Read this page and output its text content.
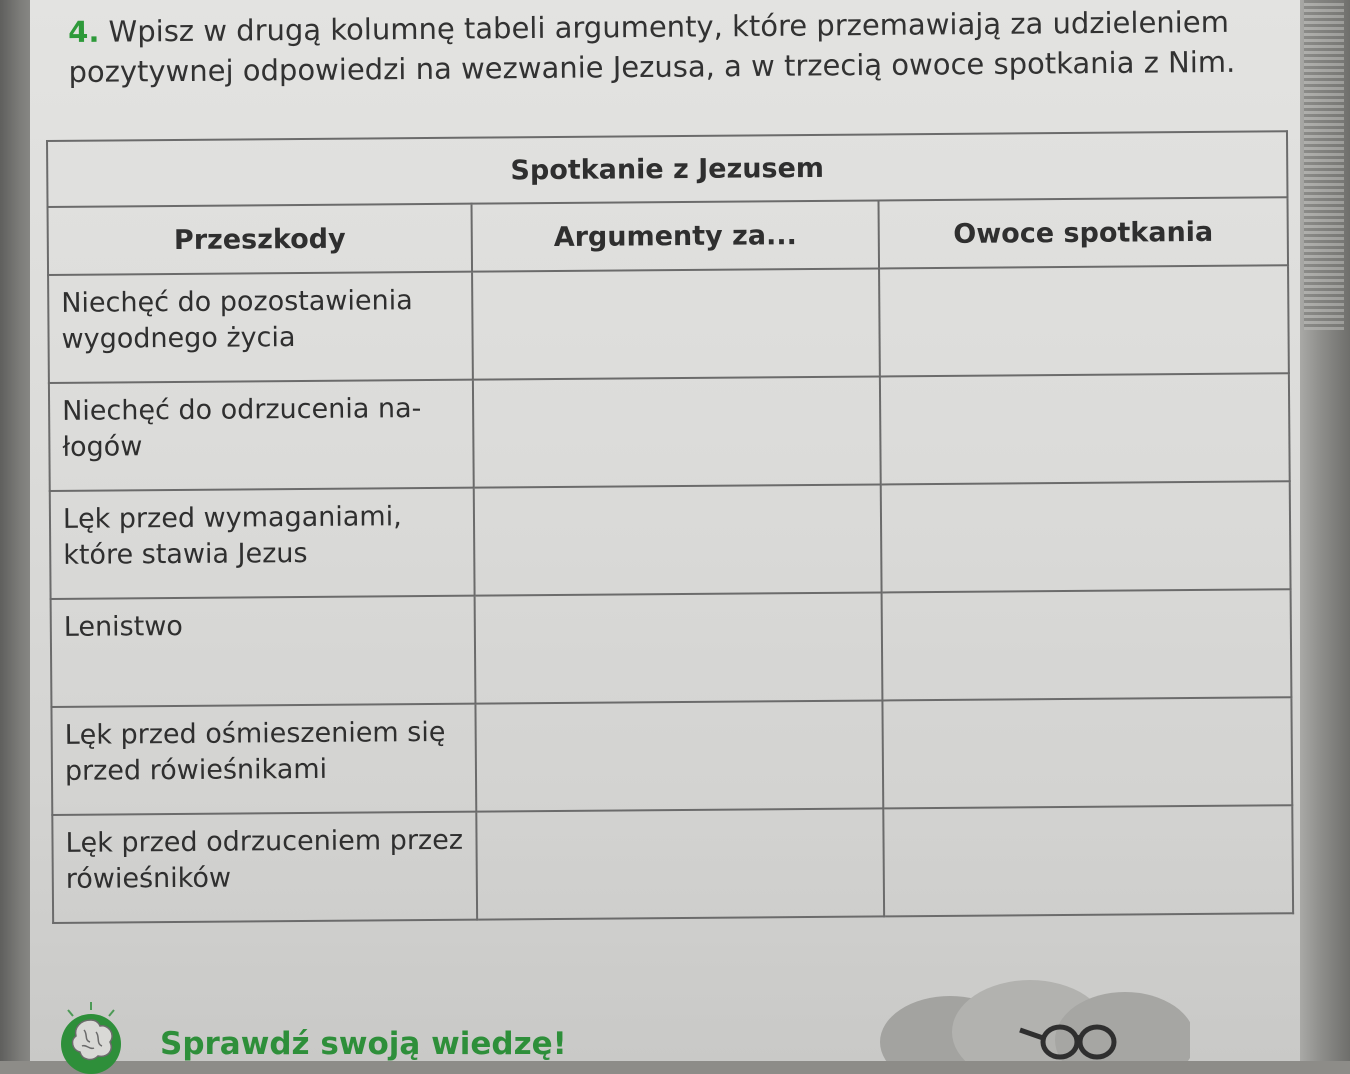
4. Wpisz w drugą kolumnę tabeli argumenty, które przemawiają za udzieleniem pozytywnej odpowiedzi na wezwanie Jezusa, a w trzecią owoce spotkania z Nim.

Spotkanie z Jezusem		
Przeszkody	Argumenty za...	Owoce spotkania
Niechęć do pozostawienia wygodnego życia		
Niechęć do odrzucenia na-łogów		
Lęk przed wymaganiami, które stawia Jezus		
Lenistwo		
Lęk przed ośmieszeniem się przed rówieśnikami		
Lęk przed odrzuceniem przez rówieśników		

Sprawdź swoją wiedzę!
